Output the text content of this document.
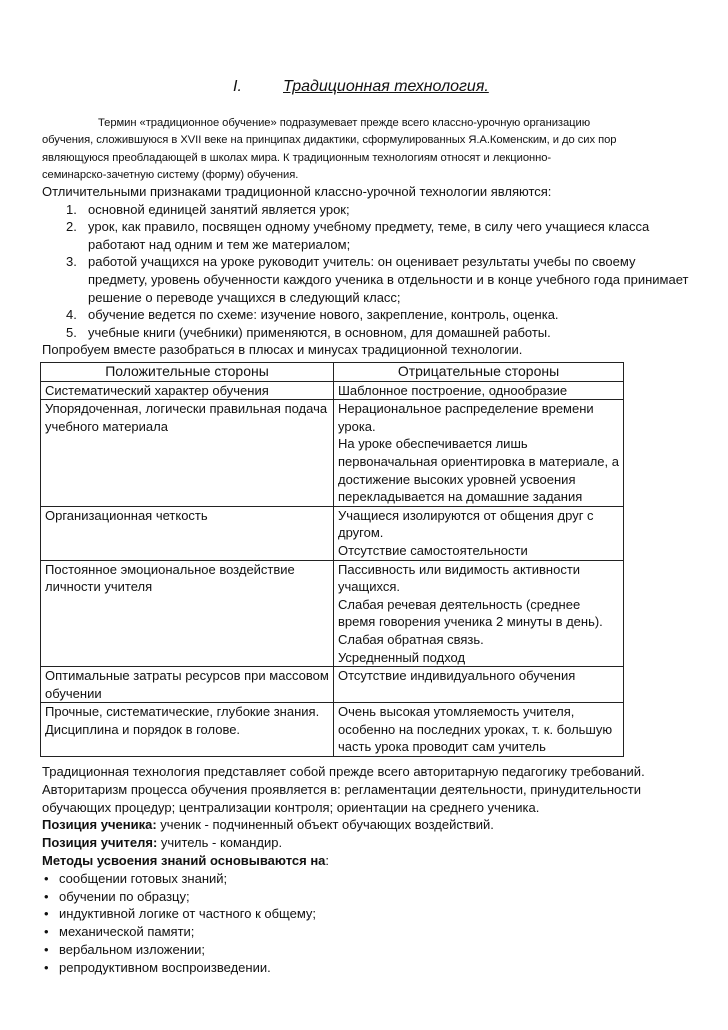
I.	Традиционная технология.
Термин «традиционное обучение» подразумевает прежде всего классно-урочную организацию
обучения, сложившуюся в XVII веке на принципах дидактики, сформулированных Я.А.Коменским, и до сих пор
являющуюся преобладающей в школах мира. К традиционным технологиям относят и лекционно-
семинарско-зачетную систему (форму) обучения.
Отличительными признаками традиционной классно-урочной технологии являются:
1. основной единицей занятий является урок;
2. урок, как правило, посвящен одному учебному предмету, теме, в силу чего учащиеся класса работают над одним и тем же материалом;
3. работой учащихся на уроке руководит учитель: он оценивает результаты учебы по своему предмету, уровень обученности каждого ученика в отдельности и в конце учебного года принимает решение о переводе учащихся в следующий класс;
4. обучение ведется по схеме: изучение нового, закрепление, контроль, оценка.
5. учебные книги (учебники) применяются, в основном, для домашней работы.
Попробуем вместе разобраться в плюсах и минусах традиционной технологии.
Положительные стороны	Отрицательные стороны
Систематический характер обучения	Шаблонное построение, однообразие

Упорядоченная, логически правильная подача учебного материала	Нерациональное распределение времени урока.
На уроке обеспечивается лишь первоначальная ориентировка в материале, а достижение высоких уровней усвоения перекладывается на домашние задания

Организационная четкость	Учащиеся изолируются от общения друг с другом.
Отсутствие самостоятельности

Постоянное эмоциональное воздействие личности учителя	Пассивность или видимость активности учащихся.
Слабая речевая деятельность (среднее время говорения ученика 2 минуты в день).
Слабая обратная связь.
Усредненный подход

Оптимальные затраты ресурсов при массовом обучении	Отсутствие индивидуального обучения

Прочные, систематические, глубокие знания. Дисциплина и порядок в голове.	Очень высокая утомляемость учителя, особенно на последних уроках, т. к. большую часть урока проводит сам учитель
Традиционная технология представляет собой прежде всего авторитарную педагогику требований. Авторитаризм процесса обучения проявляется в: регламентации деятельности, принудительности обучающих процедур; централизации контроля; ориентации на среднего ученика.
Позиция ученика: ученик - подчиненный объект обучающих воздействий.
Позиция учителя: учитель - командир.
Методы усвоения знаний основываются на:
• сообщении готовых знаний;
• обучении по образцу;
• индуктивной логике от частного к общему;
• механической памяти;
• вербальном изложении;
• репродуктивном воспроизведении.
